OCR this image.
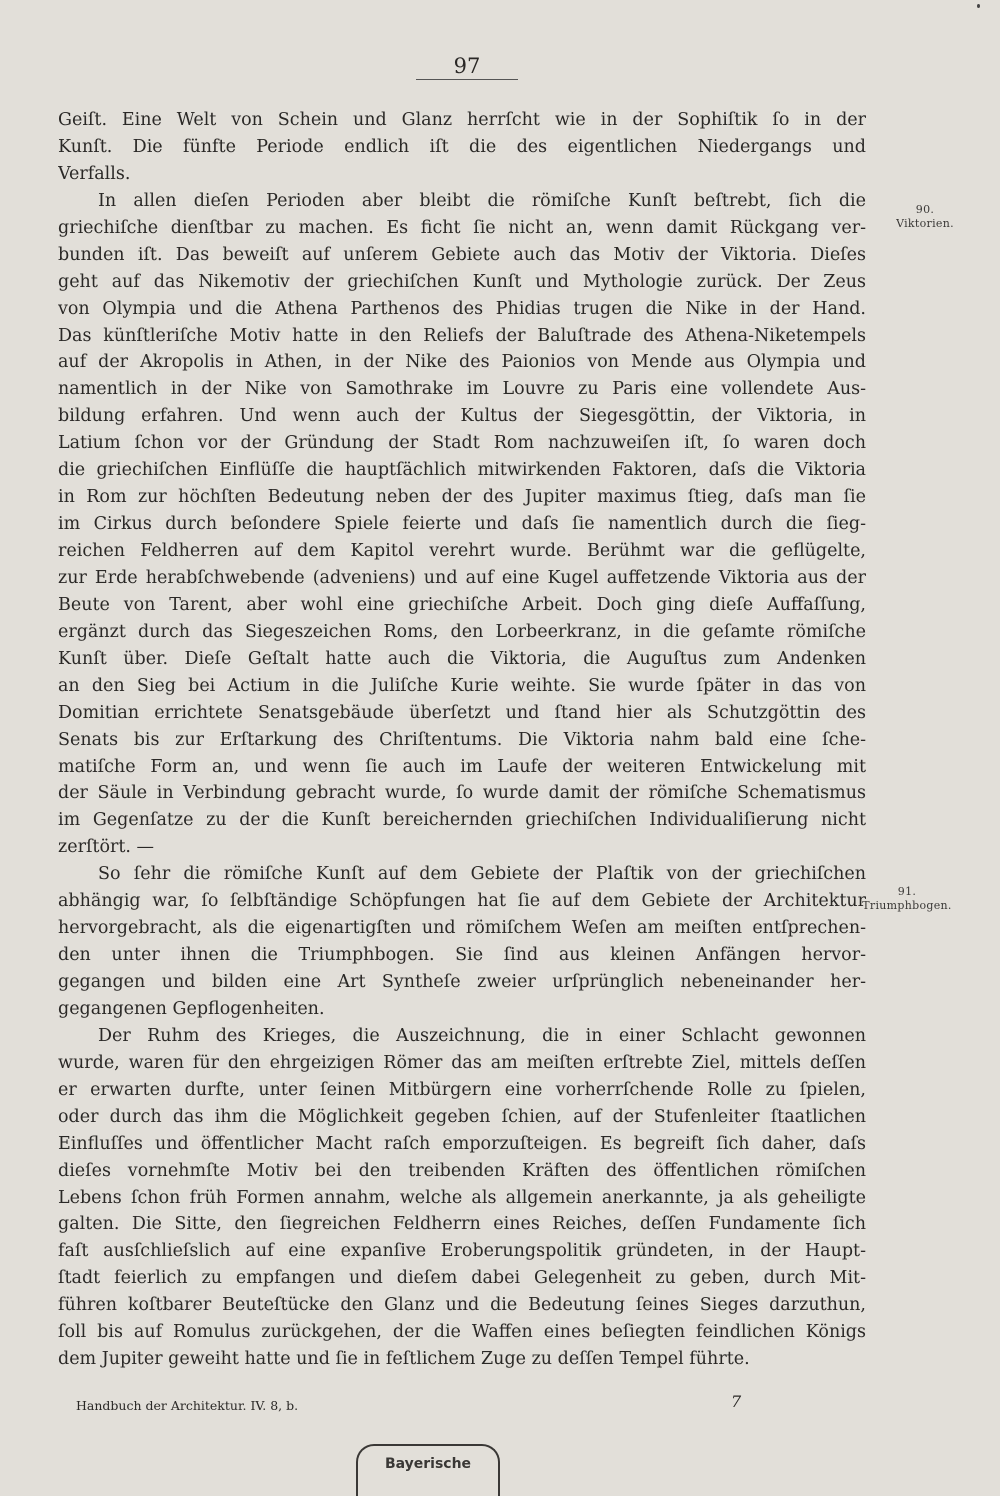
97
90.
Viktorien.
91.
Triumphbogen.
Geiſt. Eine Welt von Schein und Glanz herrſcht wie in der Sophiſtik ſo in der
Kunſt. Die fünfte Periode endlich iſt die des eigentlichen Niedergangs und
Verfalls.
In allen dieſen Perioden aber bleibt die römiſche Kunſt beſtrebt, ſich die
griechiſche dienſtbar zu machen. Es ficht ſie nicht an, wenn damit Rückgang ver-
bunden iſt. Das beweiſt auf unſerem Gebiete auch das Motiv der Viktoria. Dieſes
geht auf das Nikemotiv der griechiſchen Kunſt und Mythologie zurück. Der Zeus
von Olympia und die Athena Parthenos des Phidias trugen die Nike in der Hand.
Das künſtleriſche Motiv hatte in den Reliefs der Baluſtrade des Athena-Niketempels
auf der Akropolis in Athen, in der Nike des Paionios von Mende aus Olympia und
namentlich in der Nike von Samothrake im Louvre zu Paris eine vollendete Aus-
bildung erfahren. Und wenn auch der Kultus der Siegesgöttin, der Viktoria, in
Latium ſchon vor der Gründung der Stadt Rom nachzuweiſen iſt, ſo waren doch
die griechiſchen Einflüſſe die hauptſächlich mitwirkenden Faktoren, daſs die Viktoria
in Rom zur höchſten Bedeutung neben der des Jupiter maximus ſtieg, daſs man ſie
im Cirkus durch beſondere Spiele feierte und daſs ſie namentlich durch die ſieg-
reichen Feldherren auf dem Kapitol verehrt wurde. Berühmt war die geflügelte,
zur Erde herabſchwebende (adveniens) und auf eine Kugel auffetzende Viktoria aus der
Beute von Tarent, aber wohl eine griechiſche Arbeit. Doch ging dieſe Auffaſſung,
ergänzt durch das Siegeszeichen Roms, den Lorbeerkranz, in die geſamte römiſche
Kunſt über. Dieſe Geſtalt hatte auch die Viktoria, die Auguſtus zum Andenken
an den Sieg bei Actium in die Juliſche Kurie weihte. Sie wurde ſpäter in das von
Domitian errichtete Senatsgebäude überſetzt und ſtand hier als Schutzgöttin des
Senats bis zur Erſtarkung des Chriſtentums. Die Viktoria nahm bald eine ſche-
matiſche Form an, und wenn ſie auch im Laufe der weiteren Entwickelung mit
der Säule in Verbindung gebracht wurde, ſo wurde damit der römiſche Schematismus
im Gegenſatze zu der die Kunſt bereichernden griechiſchen Individualiſierung nicht
zerſtört. —
So ſehr die römiſche Kunſt auf dem Gebiete der Plaſtik von der griechiſchen
abhängig war, ſo ſelbſtändige Schöpfungen hat ſie auf dem Gebiete der Architektur
hervorgebracht, als die eigenartigſten und römiſchem Weſen am meiſten entſprechen-
den unter ihnen die Triumphbogen. Sie ſind aus kleinen Anfängen hervor-
gegangen und bilden eine Art Syntheſe zweier urſprünglich nebeneinander her-
gegangenen Gepflogenheiten.
Der Ruhm des Krieges, die Auszeichnung, die in einer Schlacht gewonnen
wurde, waren für den ehrgeizigen Römer das am meiſten erſtrebte Ziel, mittels deſſen
er erwarten durfte, unter ſeinen Mitbürgern eine vorherrſchende Rolle zu ſpielen,
oder durch das ihm die Möglichkeit gegeben ſchien, auf der Stufenleiter ſtaatlichen
Einfluſſes und öffentlicher Macht raſch emporzuſteigen. Es begreift ſich daher, daſs
dieſes vornehmſte Motiv bei den treibenden Kräften des öffentlichen römiſchen
Lebens ſchon früh Formen annahm, welche als allgemein anerkannte, ja als geheiligte
galten. Die Sitte, den ſiegreichen Feldherrn eines Reiches, deſſen Fundamente ſich
faſt ausſchlieſslich auf eine expanſive Eroberungspolitik gründeten, in der Haupt-
ſtadt feierlich zu empfangen und dieſem dabei Gelegenheit zu geben, durch Mit-
führen koſtbarer Beuteſtücke den Glanz und die Bedeutung ſeines Sieges darzuthun,
ſoll bis auf Romulus zurückgehen, der die Waffen eines beſiegten feindlichen Königs
dem Jupiter geweiht hatte und ſie in feſtlichem Zuge zu deſſen Tempel führte.
Handbuch der Architektur. IV. 8, b.	7
Bayerische
